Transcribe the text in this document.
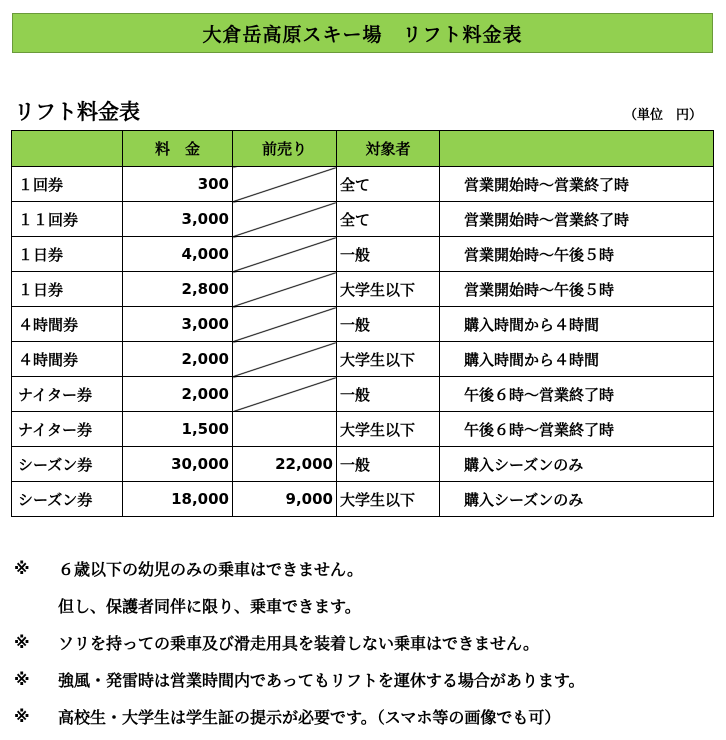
大倉岳高原スキー場　リフト料金表
リフト料金表	（単位　円）
	料　金	前売り	対象者	
１回券	300		全て	営業開始時～営業終了時
１１回券	3,000		全て	営業開始時～営業終了時
１日券	4,000		一般	営業開始時～午後５時
１日券	2,800		大学生以下	営業開始時～午後５時
４時間券	3,000		一般	購入時間から４時間
４時間券	2,000		大学生以下	購入時間から４時間
ナイター券	2,000		一般	午後６時～営業終了時
ナイター券	1,500		大学生以下	午後６時～営業終了時
シーズン券	30,000	22,000	一般	購入シーズンのみ
シーズン券	18,000	9,000	大学生以下	購入シーズンのみ
※	６歳以下の幼児のみの乗車はできません。
但し、保護者同伴に限り、乗車できます。
※	ソリを持っての乗車及び滑走用具を装着しない乗車はできません。
※	強風・発雷時は営業時間内であってもリフトを運休する場合があります。
※	高校生・大学生は学生証の提示が必要です。（スマホ等の画像でも可）
